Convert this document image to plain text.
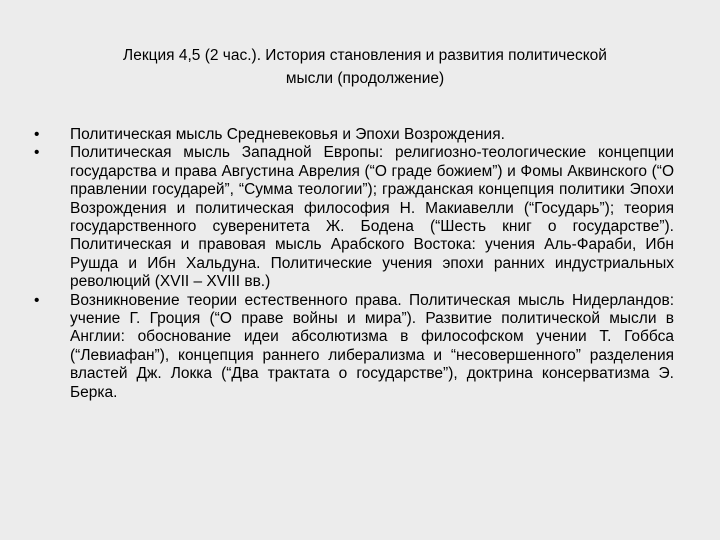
Лекция 4,5 (2 час.). История становления и развития политической
мысли (продолжение)
•	Политическая мысль Средневековья и Эпохи Возрождения.
•	Политическая мысль Западной Европы: религиозно-теологические концепции государства и права Августина Аврелия (“О граде божием”) и Фомы Аквинского (“О правлении государей”, “Сумма теологии”); гражданская концепция политики Эпохи Возрождения и политическая философия Н. Макиавелли (“Государь”); теория государственного суверенитета Ж. Бодена (“Шесть книг о государстве”). Политическая и правовая мысль Арабского Востока: учения Аль-Фараби, Ибн Рушда и Ибн Хальдуна. Политические учения эпохи ранних индустриальных революций (XVII – XVIII вв.)
•	Возникновение теории естественного права. Политическая мысль Нидерландов: учение Г. Гроция (“О праве войны и мира”). Развитие политической мысли в Англии: обоснование идеи абсолютизма в философском учении Т. Гоббса (“Левиафан”), концепция раннего либерализма и “несовершенного” разделения властей Дж. Локка (“Два трактата о государстве”), доктрина консерватизма Э. Берка.
